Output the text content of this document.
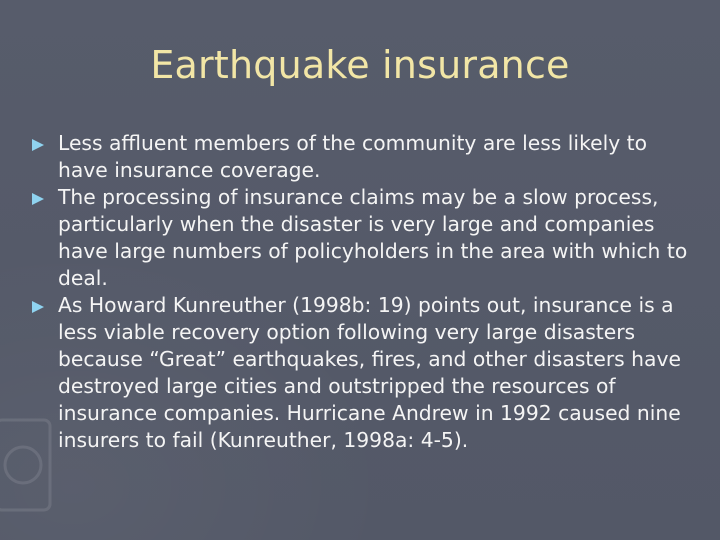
Earthquake insurance
Less affluent members of the community are less likely to have insurance coverage.
The processing of insurance claims may be a slow process, particularly when the disaster is very large and companies have large numbers of policyholders in the area with which to deal.
As Howard Kunreuther (1998b: 19) points out, insurance is a less viable recovery option following very large disasters because “Great” earthquakes, fires, and other disasters have destroyed large cities and outstripped the resources of insurance companies. Hurricane Andrew in 1992 caused nine insurers to fail (Kunreuther, 1998a: 4-5).
